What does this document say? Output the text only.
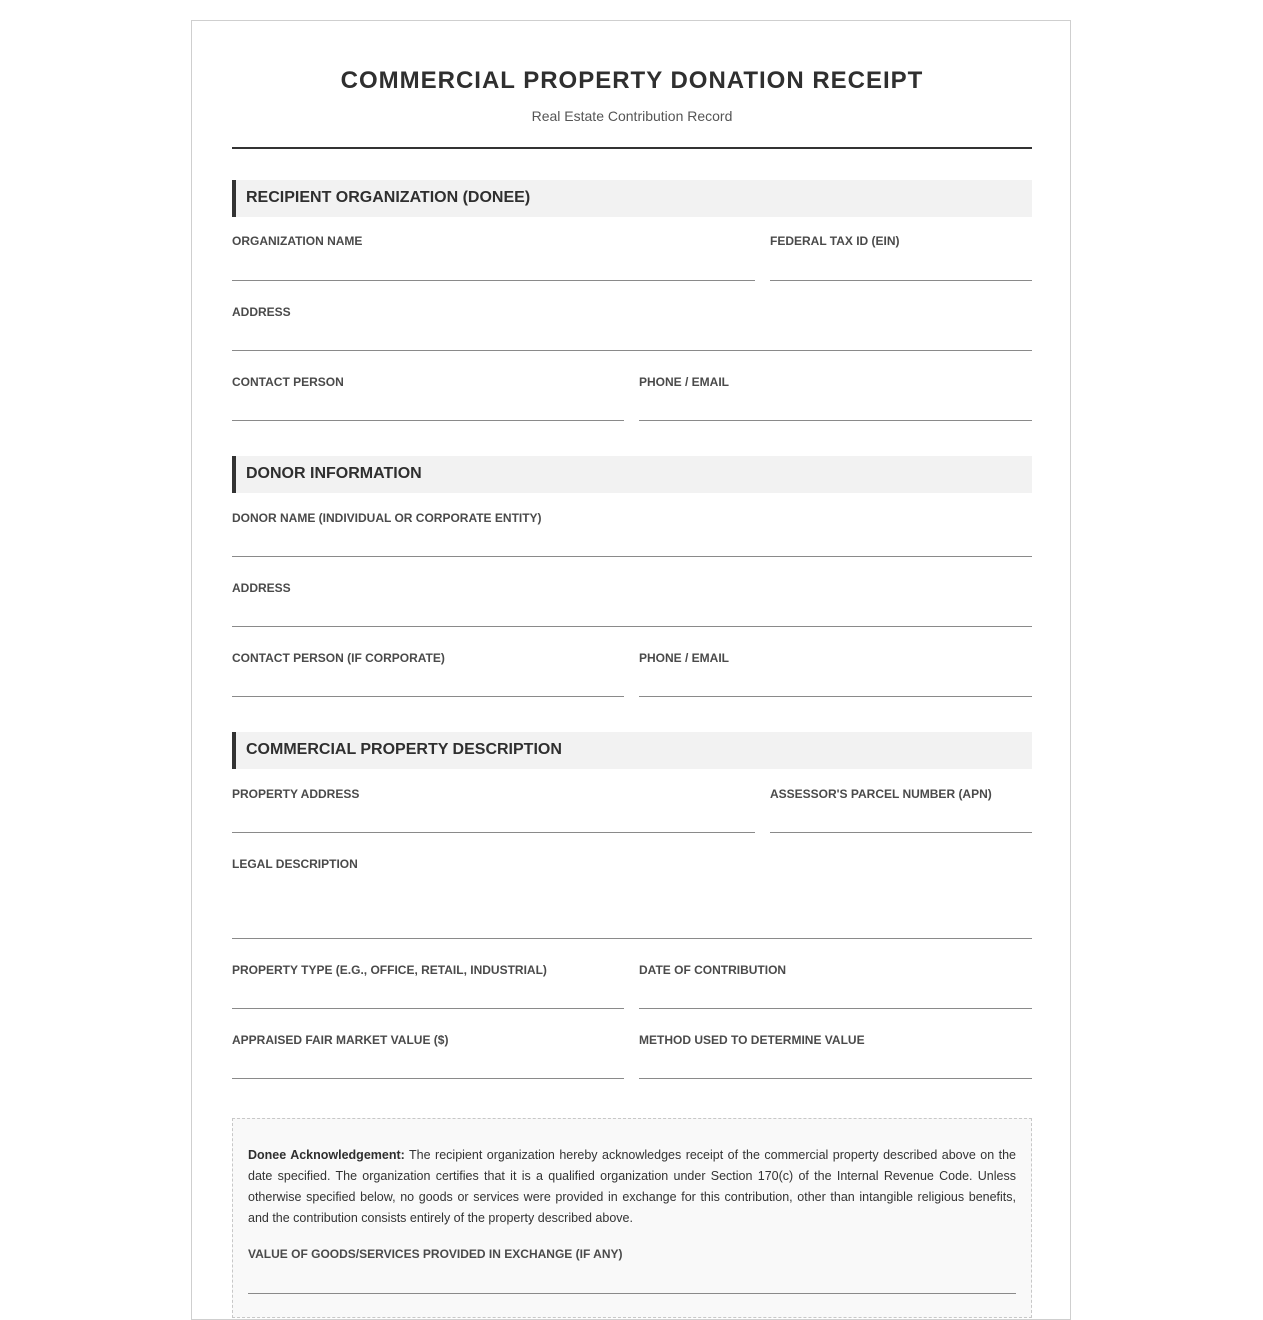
COMMERCIAL PROPERTY DONATION RECEIPT
Real Estate Contribution Record
RECIPIENT ORGANIZATION (DONEE)
ORGANIZATION NAME	FEDERAL TAX ID (EIN)
ADDRESS
CONTACT PERSON	PHONE / EMAIL
DONOR INFORMATION
DONOR NAME (INDIVIDUAL OR CORPORATE ENTITY)
ADDRESS
CONTACT PERSON (IF CORPORATE)	PHONE / EMAIL
COMMERCIAL PROPERTY DESCRIPTION
PROPERTY ADDRESS	ASSESSOR'S PARCEL NUMBER (APN)
LEGAL DESCRIPTION
PROPERTY TYPE (E.G., OFFICE, RETAIL, INDUSTRIAL)	DATE OF CONTRIBUTION
APPRAISED FAIR MARKET VALUE ($)	METHOD USED TO DETERMINE VALUE
Donee Acknowledgement: The recipient organization hereby acknowledges receipt of the commercial property described above on the date specified. The organization certifies that it is a qualified organization under Section 170(c) of the Internal Revenue Code. Unless otherwise specified below, no goods or services were provided in exchange for this contribution, other than intangible religious benefits, and the contribution consists entirely of the property described above.
VALUE OF GOODS/SERVICES PROVIDED IN EXCHANGE (IF ANY)
